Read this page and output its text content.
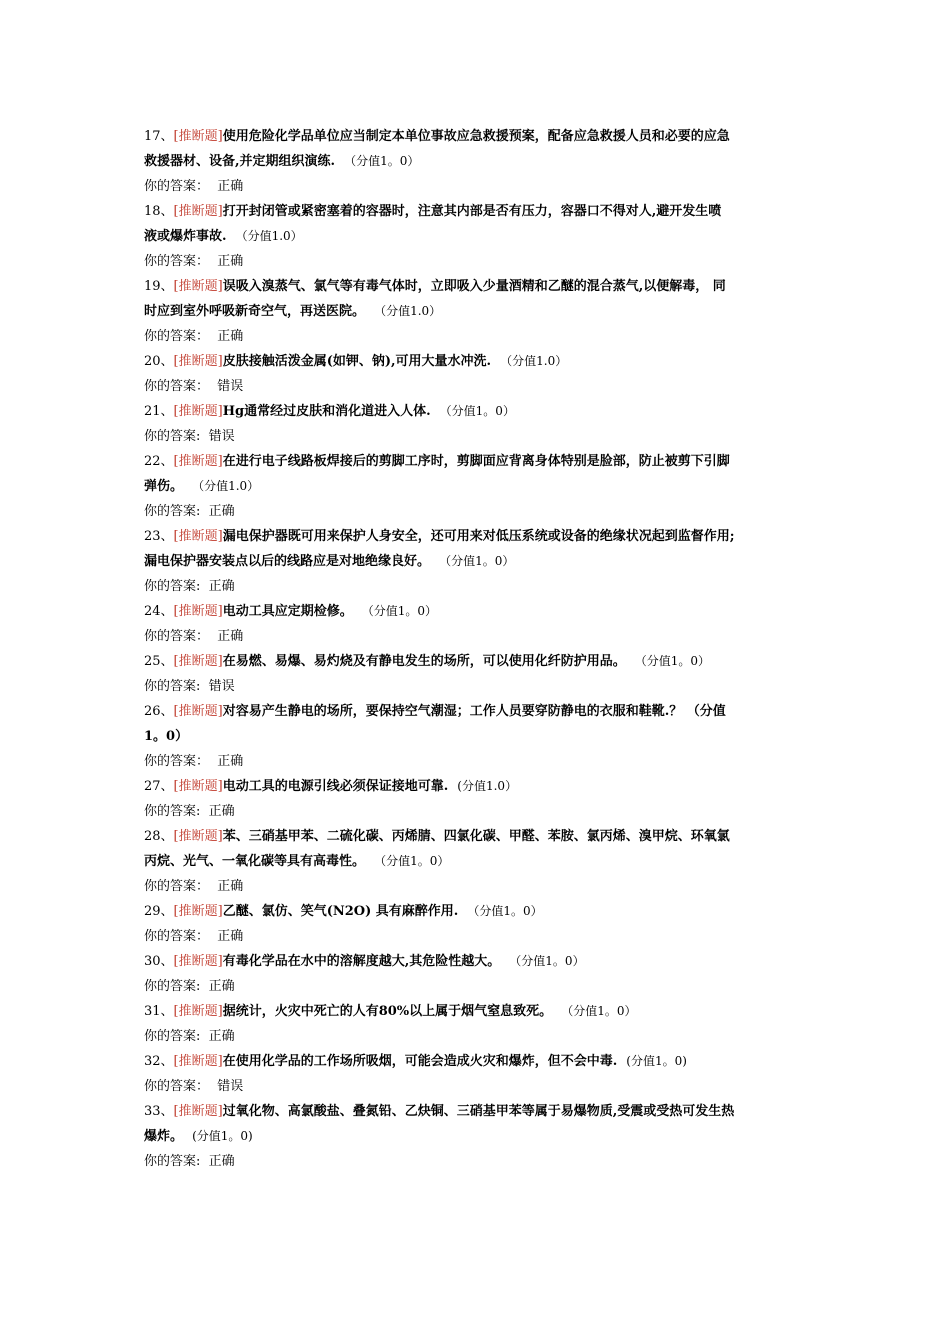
17、[推断题]使用危险化学品单位应当制定本单位事故应急救援预案，配备应急救援人员和必要的应急
救援器材、设备,并定期组织演练. （分值1。0）
你的答案： 正确
18、[推断题]打开封闭管或紧密塞着的容器时，注意其内部是否有压力，容器口不得对人,避开发生喷
液或爆炸事故. （分值1.0）
你的答案： 正确
19、[推断题]误吸入溴蒸气、氯气等有毒气体时，立即吸入少量酒精和乙醚的混合蒸气,以便解毒， 同
时应到室外呼吸新奇空气，再送医院。 （分值1.0）
你的答案： 正确
20、[推断题]皮肤接触活泼金属(如钾、钠),可用大量水冲洗. （分值1.0）
你的答案： 错误
21、[推断题]Hg通常经过皮肤和消化道进入人体. （分值1。0）
你的答案: 错误
22、[推断题]在进行电子线路板焊接后的剪脚工序时，剪脚面应背离身体特别是脸部，防止被剪下引脚
弹伤。 （分值1.0）
你的答案: 正确
23、[推断题]漏电保护器既可用来保护人身安全，还可用来对低压系统或设备的绝缘状况起到监督作用;
漏电保护器安装点以后的线路应是对地绝缘良好。 （分值1。0）
你的答案: 正确
24、[推断题]电动工具应定期检修。 （分值1。0）
你的答案： 正确
25、[推断题]在易燃、易爆、易灼烧及有静电发生的场所，可以使用化纤防护用品。 （分值1。0）
你的答案: 错误
26、[推断题]对容易产生静电的场所，要保持空气潮湿；工作人员要穿防静电的衣服和鞋靴.？ （分值
1。0）
你的答案： 正确
27、[推断题]电动工具的电源引线必须保证接地可靠. (分值1.0）
你的答案: 正确
28、[推断题]苯、三硝基甲苯、二硫化碳、丙烯腈、四氯化碳、甲醛、苯胺、氯丙烯、溴甲烷、环氧氯
丙烷、光气、一氧化碳等具有高毒性。 （分值1。0）
你的答案： 正确
29、[推断题]乙醚、氯仿、笑气(N2O) 具有麻醉作用. （分值1。0）
你的答案： 正确
30、[推断题]有毒化学品在水中的溶解度越大,其危险性越大。 （分值1。0）
你的答案: 正确
31、[推断题]据统计，火灾中死亡的人有80%以上属于烟气窒息致死。 （分值1。0）
你的答案: 正确
32、[推断题]在使用化学品的工作场所吸烟，可能会造成火灾和爆炸，但不会中毒. (分值1。0)
你的答案： 错误
33、[推断题]过氧化物、高氯酸盐、叠氮铅、乙炔铜、三硝基甲苯等属于易爆物质,受震或受热可发生热
爆炸。 (分值1。0)
你的答案: 正确
